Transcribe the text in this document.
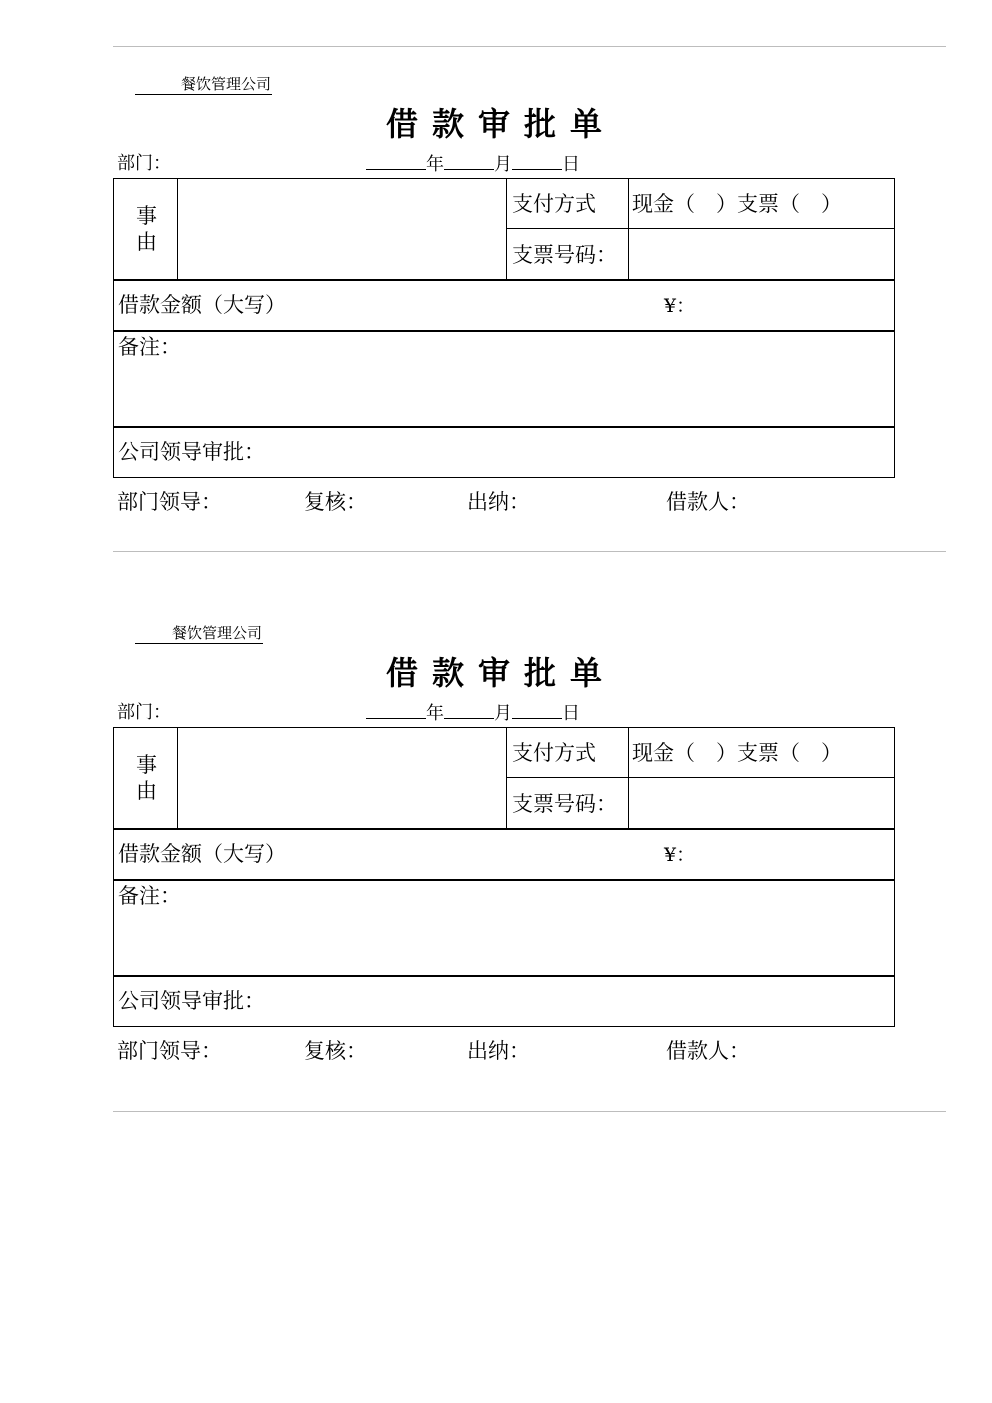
餐饮管理公司
借款审批单
部门：	年	月	日
事
由
支付方式 现金（　）支票（　）
支票号码：
借款金额（大写）	¥：
备注：
公司领导审批：
部门领导：	复核：	出纳：	借款人：
餐饮管理公司
借款审批单
部门：	年	月	日
事
由
支付方式 现金（　）支票（　）
支票号码：
借款金额（大写）	¥：
备注：
公司领导审批：
部门领导：	复核：	出纳：	借款人：
